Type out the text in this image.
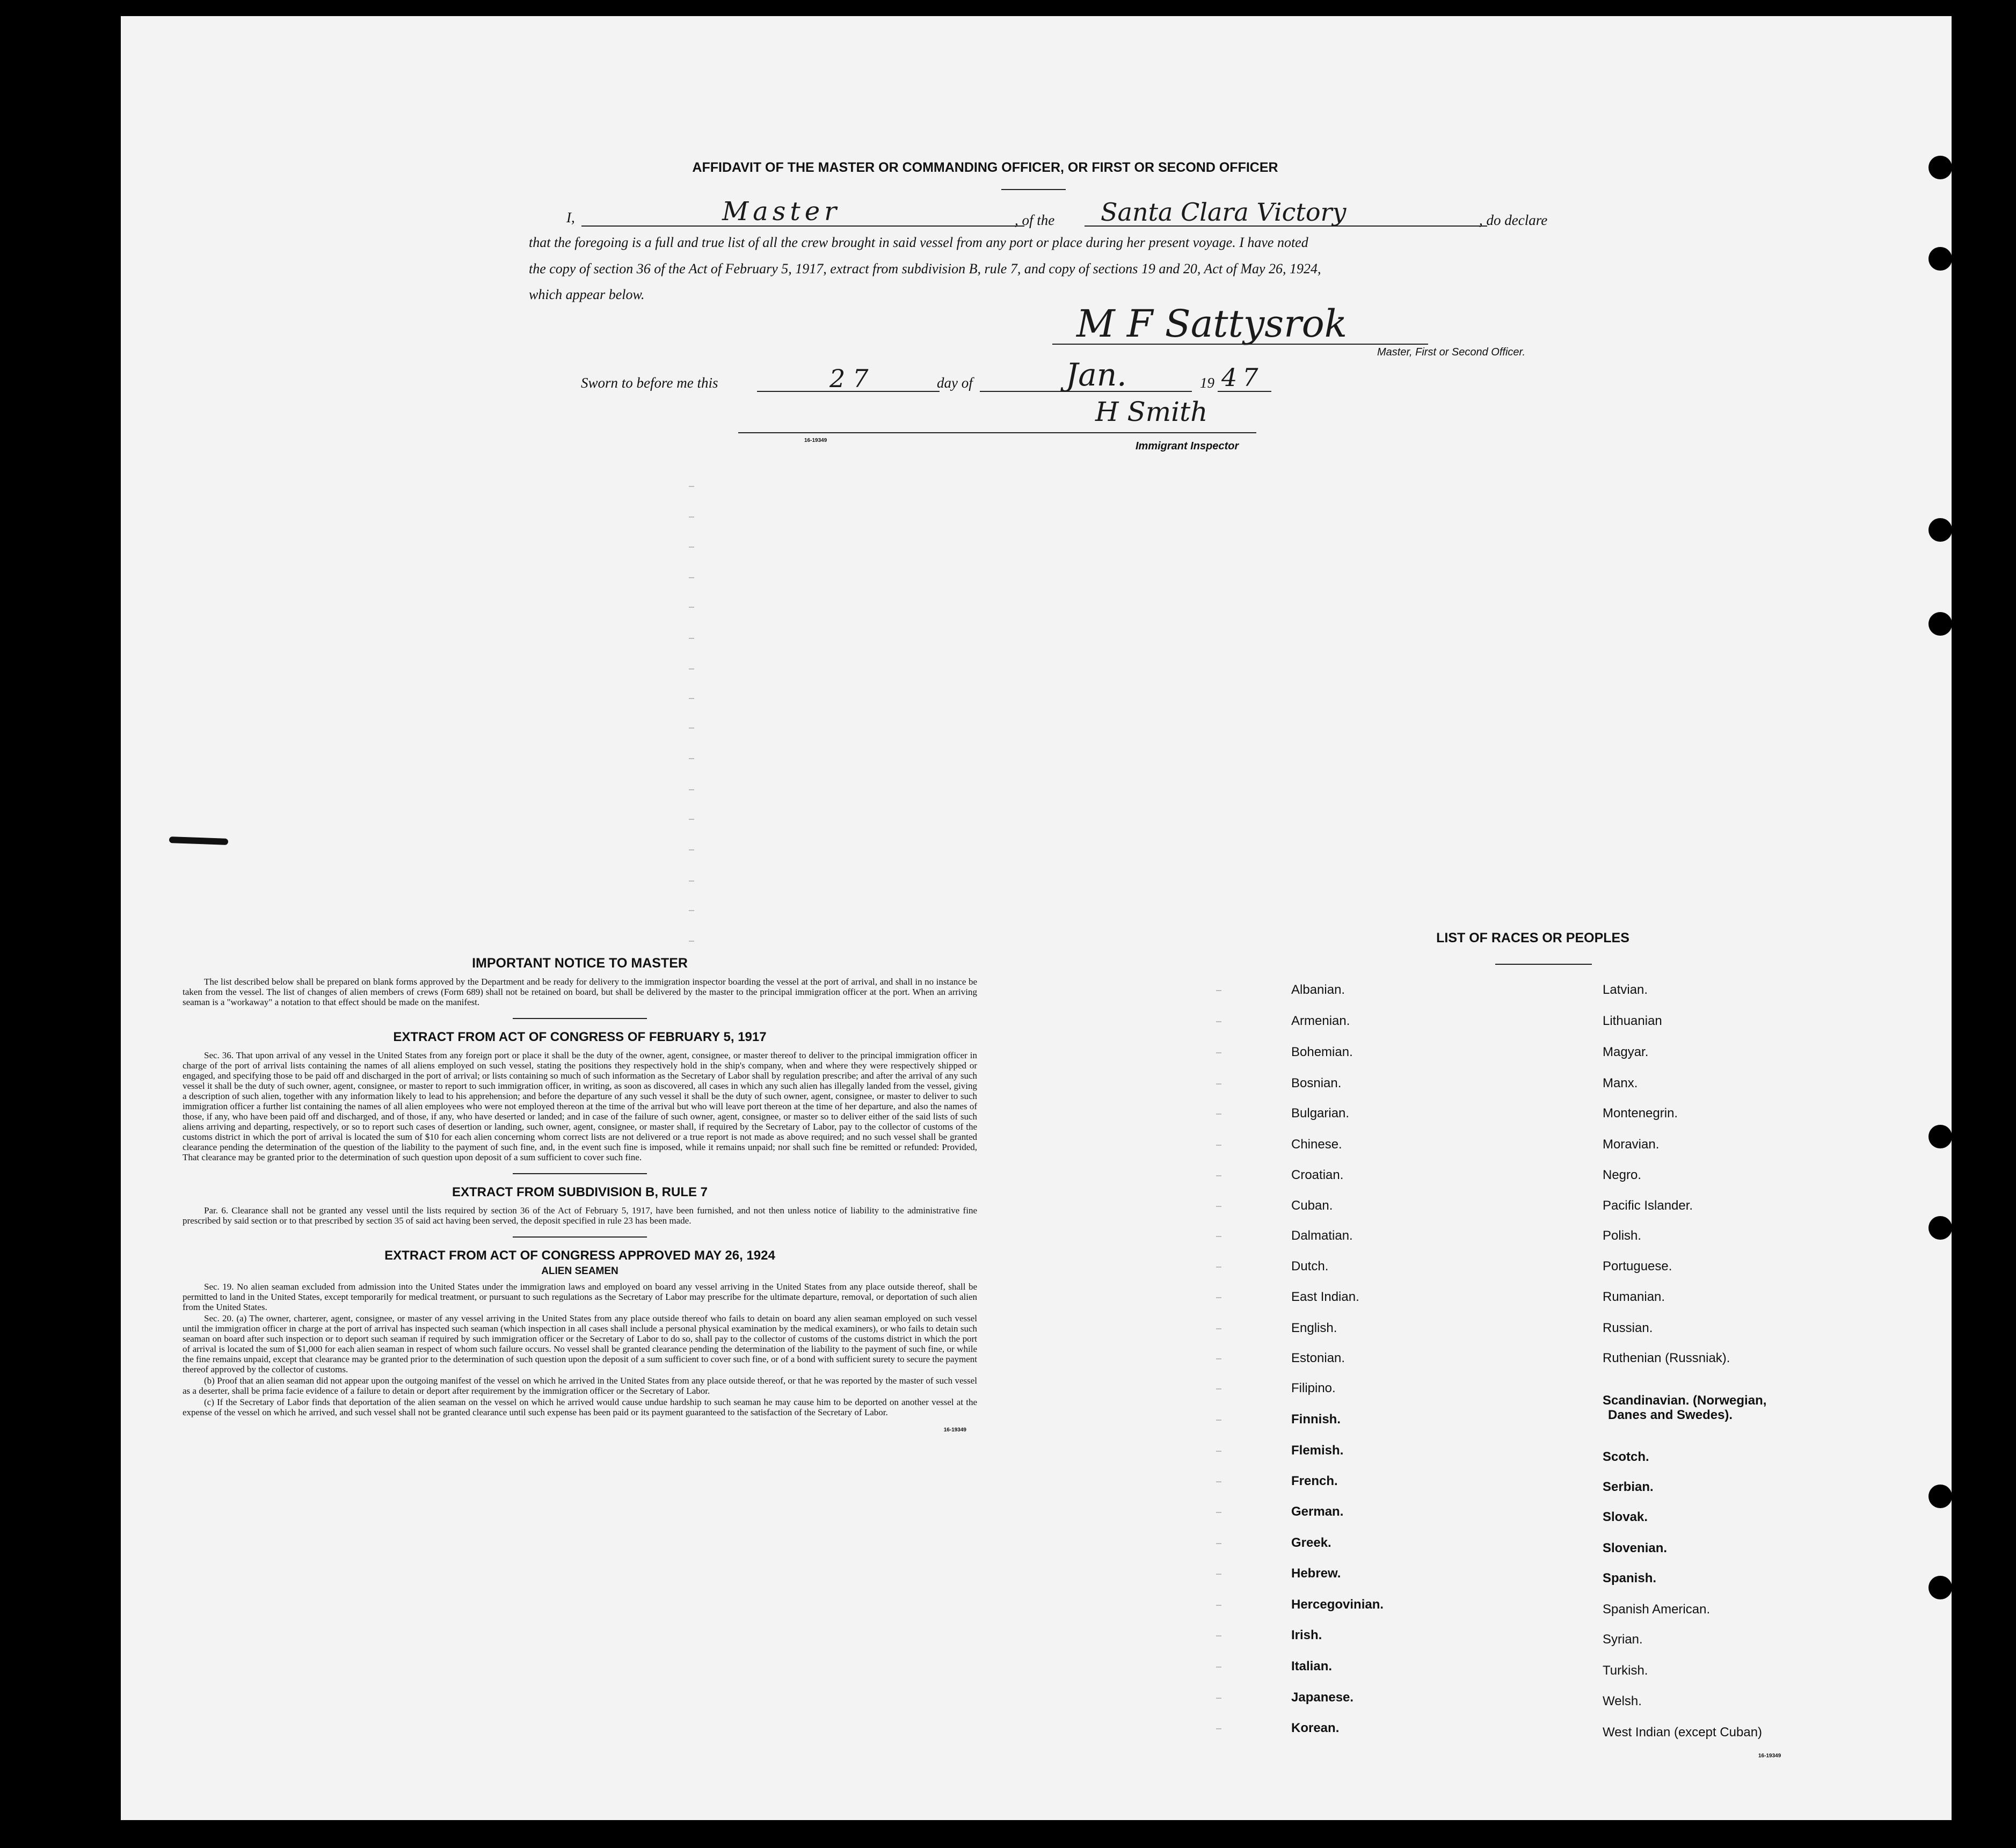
AFFIDAVIT OF THE MASTER OR COMMANDING OFFICER, OR FIRST OR SECOND OFFICER
I,	Master	, of the Santa Clara Victory	, do declare
that the foregoing is a full and true list of all the crew brought in said vessel from any port or place during her present voyage. I have noted
the copy of section 36 of the Act of February 5, 1917, extract from subdivision B, rule 7, and copy of sections 19 and 20, Act of May 26, 1924,
which appear below.
M F Sattysrok
Master, First or Second Officer.
Sworn to before me this	27	day of	Jan.	19 47
H Smith
16-19349	Immigrant Inspector
IMPORTANT NOTICE TO MASTER

The list described below shall be prepared on blank forms approved by the Department and be ready for delivery to the immigration inspector boarding the vessel at the port of arrival, and shall in no instance be taken from the vessel. The list of changes of alien members of crews (Form 689) shall not be retained on board, but shall be delivered by the master to the principal immigration officer at the port. When an arriving seaman is a "workaway" a notation to that effect should be made on the manifest.

EXTRACT FROM ACT OF CONGRESS OF FEBRUARY 5, 1917

Sec. 36. That upon arrival of any vessel in the United States from any foreign port or place it shall be the duty of the owner, agent, consignee, or master thereof to deliver to the principal immigration officer in charge of the port of arrival lists containing the names of all aliens employed on such vessel, stating the positions they respectively hold in the ship's company, when and where they were respectively shipped or engaged, and specifying those to be paid off and discharged in the port of arrival; or lists containing so much of such information as the Secretary of Labor shall by regulation prescribe; and after the arrival of any such vessel it shall be the duty of such owner, agent, consignee, or master to report to such immigration officer, in writing, as soon as discovered, all cases in which any such alien has illegally landed from the vessel, giving a description of such alien, together with any information likely to lead to his apprehension; and before the departure of any such vessel it shall be the duty of such owner, agent, consignee, or master to deliver to such immigration officer a further list containing the names of all alien employees who were not employed thereon at the time of the arrival but who will leave port thereon at the time of her departure, and also the names of those, if any, who have been paid off and discharged, and of those, if any, who have deserted or landed; and in case of the failure of such owner, agent, consignee, or master so to deliver either of the said lists of such aliens arriving and departing, respectively, or so to report such cases of desertion or landing, such owner, agent, consignee, or master shall, if required by the Secretary of Labor, pay to the collector of customs of the customs district in which the port of arrival is located the sum of $10 for each alien concerning whom correct lists are not delivered or a true report is not made as above required; and no such vessel shall be granted clearance pending the determination of the question of the liability to the payment of such fine, and, in the event such fine is imposed, while it remains unpaid; nor shall such fine be remitted or refunded: Provided, That clearance may be granted prior to the determination of such question upon deposit of a sum sufficient to cover such fine.

EXTRACT FROM SUBDIVISION B, RULE 7

Par. 6. Clearance shall not be granted any vessel until the lists required by section 36 of the Act of February 5, 1917, have been furnished, and not then unless notice of liability to the administrative fine prescribed by said section or to that prescribed by section 35 of said act having been served, the deposit specified in rule 23 has been made.

EXTRACT FROM ACT OF CONGRESS APPROVED MAY 26, 1924
ALIEN SEAMEN

Sec. 19. No alien seaman excluded from admission into the United States under the immigration laws and employed on board any vessel arriving in the United States from any place outside thereof, shall be permitted to land in the United States, except temporarily for medical treatment, or pursuant to such regulations as the Secretary of Labor may prescribe for the ultimate departure, removal, or deportation of such alien from the United States.

Sec. 20. (a) The owner, charterer, agent, consignee, or master of any vessel arriving in the United States from any place outside thereof who fails to detain on board any alien seaman employed on such vessel until the immigration officer in charge at the port of arrival has inspected such seaman (which inspection in all cases shall include a personal physical examination by the medical examiners), or who fails to detain such seaman on board after such inspection or to deport such seaman if required by such immigration officer or the Secretary of Labor to do so, shall pay to the collector of customs of the customs district in which the port of arrival is located the sum of $1,000 for each alien seaman in respect of whom such failure occurs. No vessel shall be granted clearance pending the determination of the liability to the payment of such fine, or while the fine remains unpaid, except that clearance may be granted prior to the determination of such question upon the deposit of a sum sufficient to cover such fine, or of a bond with sufficient surety to secure the payment thereof approved by the collector of customs.

(b) Proof that an alien seaman did not appear upon the outgoing manifest of the vessel on which he arrived in the United States from any place outside thereof, or that he was reported by the master of such vessel as a deserter, shall be prima facie evidence of a failure to detain or deport after requirement by the immigration officer or the Secretary of Labor.

(c) If the Secretary of Labor finds that deportation of the alien seaman on the vessel on which he arrived would cause undue hardship to such seaman he may cause him to be deported on another vessel at the expense of the vessel on which he arrived, and such vessel shall not be granted clearance until such expense has been paid or its payment guaranteed to the satisfaction of the Secretary of Labor.

16-19349
LIST OF RACES OR PEOPLES
Albanian.
Armenian.
Bohemian.
Bosnian.
Bulgarian.
Chinese.
Croatian.
Cuban.
Dalmatian.
Dutch.
East Indian.
English.
Estonian.
Filipino.
Finnish.
Flemish.
French.
German.
Greek.
Hebrew.
Hercegovinian.
Irish.
Italian.
Japanese.
Korean.
Latvian.
Lithuanian
Magyar.
Manx.
Montenegrin.
Moravian.
Negro.
Pacific Islander.
Polish.
Portuguese.
Rumanian.
Russian.
Ruthenian (Russniak).
Scandinavian. (Norwegian,
Danes and Swedes).
Scotch.
Serbian.
Slovak.
Slovenian.
Spanish.
Spanish American.
Syrian.
Turkish.
Welsh.
West Indian (except Cuban)
16-19349
